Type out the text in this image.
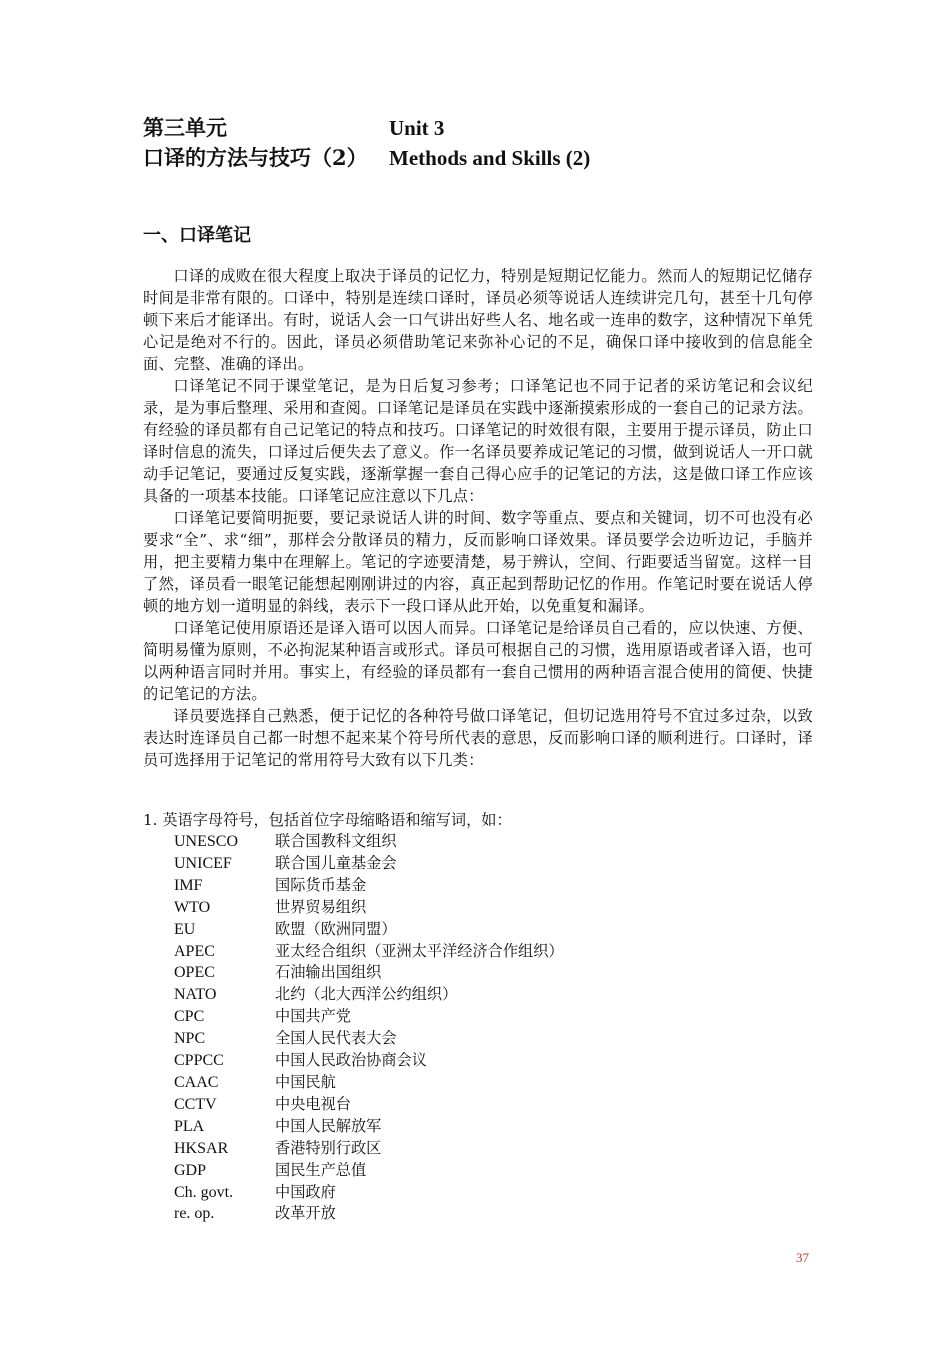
第三单元	Unit 3
口译的方法与技巧（2） Methods and Skills (2)
一、口译笔记

口译的成败在很大程度上取决于译员的记忆力，特别是短期记忆能力。然而人的短期记忆储存时间是非常有限的。口译中，特别是连续口译时，译员必须等说话人连续讲完几句，甚至十几句停顿下来后才能译出。有时，说话人会一口气讲出好些人名、地名或一连串的数字，这种情况下单凭心记是绝对不行的。因此，译员必须借助笔记来弥补心记的不足，确保口译中接收到的信息能全面、完整、准确的译出。

口译笔记不同于课堂笔记，是为日后复习参考；口译笔记也不同于记者的采访笔记和会议纪录，是为事后整理、采用和查阅。口译笔记是译员在实践中逐渐摸索形成的一套自己的记录方法。有经验的译员都有自己记笔记的特点和技巧。口译笔记的时效很有限，主要用于提示译员，防止口译时信息的流失，口译过后便失去了意义。作一名译员要养成记笔记的习惯，做到说话人一开口就动手记笔记，要通过反复实践，逐渐掌握一套自己得心应手的记笔记的方法，这是做口译工作应该具备的一项基本技能。口译笔记应注意以下几点：

口译笔记要简明扼要，要记录说话人讲的时间、数字等重点、要点和关键词，切不可也没有必要求“全”、求“细”，那样会分散译员的精力，反而影响口译效果。译员要学会边听边记，手脑并用，把主要精力集中在理解上。笔记的字迹要清楚，易于辨认，空间、行距要适当留宽。这样一目了然，译员看一眼笔记能想起刚刚讲过的内容，真正起到帮助记忆的作用。作笔记时要在说话人停顿的地方划一道明显的斜线，表示下一段口译从此开始，以免重复和漏译。

口译笔记使用原语还是译入语可以因人而异。口译笔记是给译员自己看的，应以快速、方便、简明易懂为原则，不必拘泥某种语言或形式。译员可根据自己的习惯，选用原语或者译入语，也可以两种语言同时并用。事实上，有经验的译员都有一套自己惯用的两种语言混合使用的简便、快捷的记笔记的方法。

译员要选择自己熟悉，便于记忆的各种符号做口译笔记，但切记选用符号不宜过多过杂，以致表达时连译员自己都一时想不起来某个符号所代表的意思，反而影响口译的顺利进行。口译时，译员可选择用于记笔记的常用符号大致有以下几类：

1. 英语字母符号，包括首位字母缩略语和缩写词，如：
UNESCO	联合国教科文组织
UNICEF	联合国儿童基金会
IMF	国际货币基金
WTO	世界贸易组织
EU	欧盟（欧洲同盟）
APEC	亚太经合组织（亚洲太平洋经济合作组织）
OPEC	石油输出国组织
NATO	北约（北大西洋公约组织）
CPC	中国共产党
NPC	全国人民代表大会
CPPCC	中国人民政治协商会议
CAAC	中国民航
CCTV	中央电视台
PLA	中国人民解放军
HKSAR	香港特别行政区
GDP	国民生产总值
Ch. govt.	中国政府
re. op.	改革开放
37
